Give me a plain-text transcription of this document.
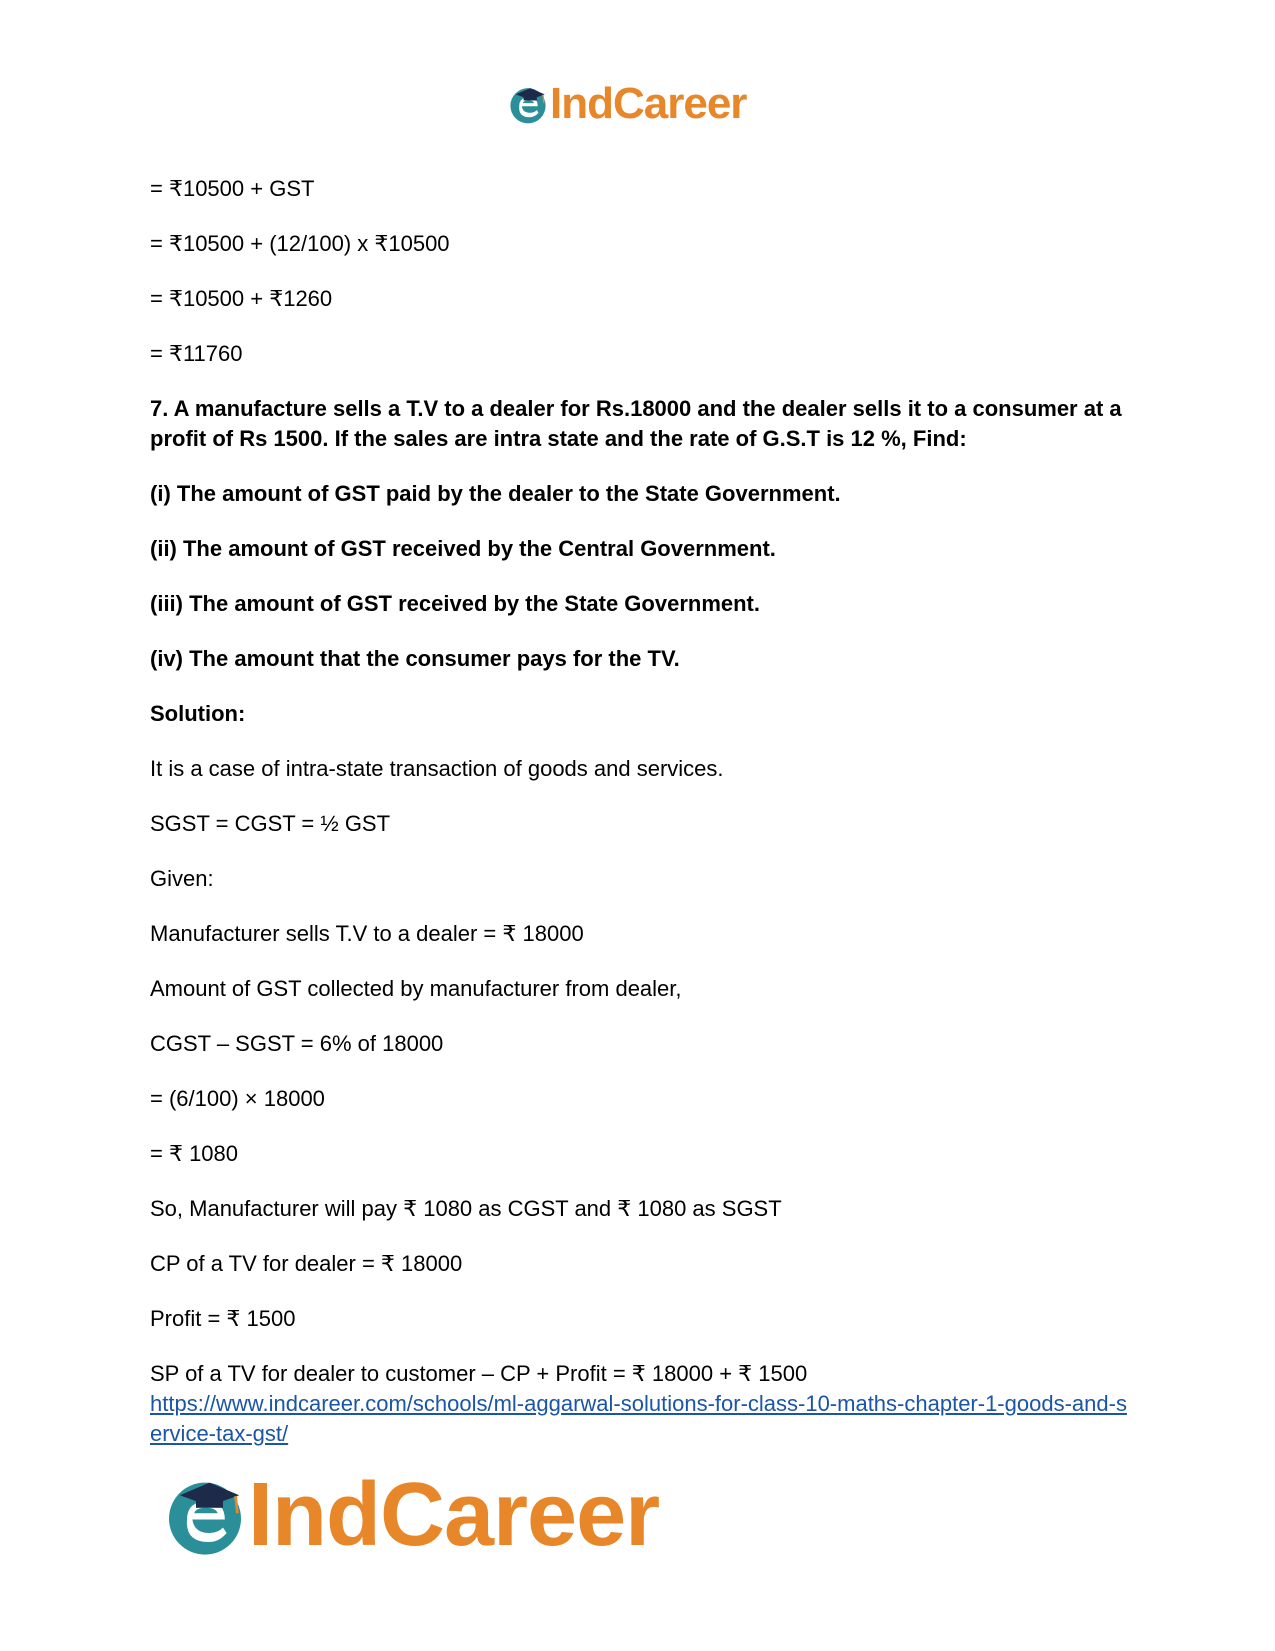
IndCareer

= ₹10500 + GST

= ₹10500 + (12/100) x ₹10500

= ₹10500 + ₹1260

= ₹11760

7. A manufacture sells a T.V to a dealer for Rs.18000 and the dealer sells it to a consumer at a profit of Rs 1500. If the sales are intra state and the rate of G.S.T is 12 %, Find:

(i) The amount of GST paid by the dealer to the State Government.

(ii) The amount of GST received by the Central Government.

(iii) The amount of GST received by the State Government.

(iv) The amount that the consumer pays for the TV.

Solution:

It is a case of intra-state transaction of goods and services.

SGST = CGST = ½ GST

Given:

Manufacturer sells T.V to a dealer = ₹ 18000

Amount of GST collected by manufacturer from dealer,

CGST – SGST = 6% of 18000

= (6/100) × 18000

= ₹ 1080

So, Manufacturer will pay ₹ 1080 as CGST and ₹ 1080 as SGST

CP of a TV for dealer = ₹ 18000

Profit = ₹ 1500

SP of a TV for dealer to customer – CP + Profit = ₹ 18000 + ₹ 1500

https://www.indcareer.com/schools/ml-aggarwal-solutions-for-class-10-maths-chapter-1-goods-and-service-tax-gst/
IndCareer
